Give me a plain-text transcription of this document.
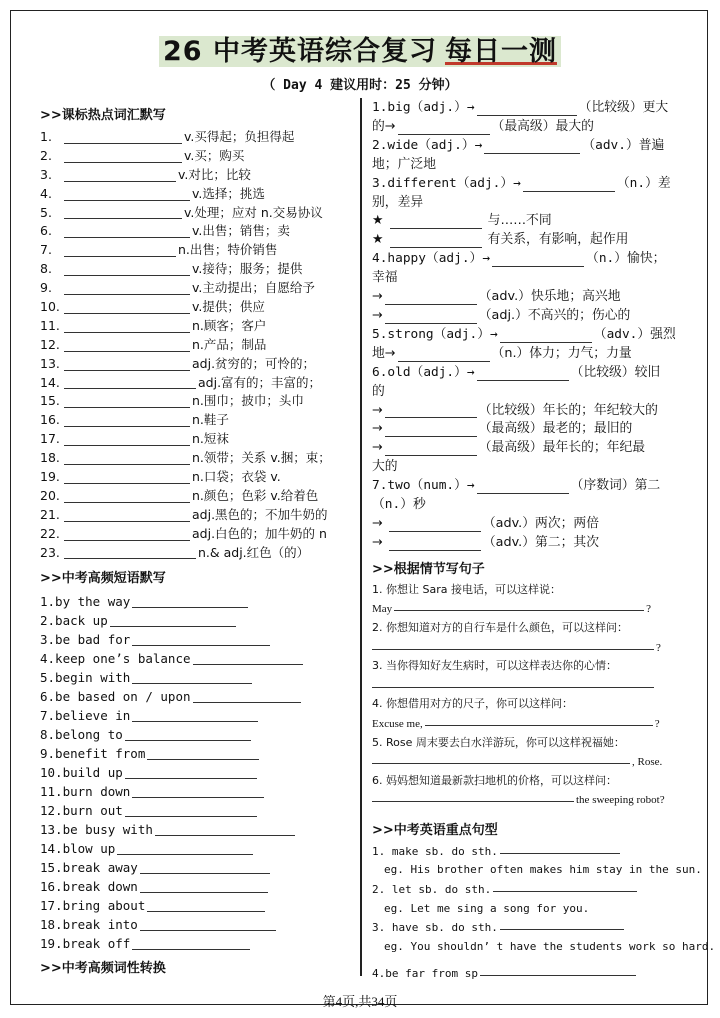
26 中考英语综合复习 每日一测
（ Day 4 建议用时：25 分钟）
>>课标热点词汇默写
1.	v.买得起；负担得起
2.	v.买；购买
3.	v.对比；比较
4.	v.选择；挑选
5.	v.处理；应对 n.交易协议
6.	v.出售；销售；卖
7.	n.出售；特价销售
8.	v.接待；服务；提供
9.	v.主动提出；自愿给予
10.	v.提供；供应
11.	n.顾客；客户
12.	n.产品；制品
13.	adj.贫穷的；可怜的；
14.	adj.富有的；丰富的；
15.	n.围巾；披巾；头巾
16.	n.鞋子
17.	n.短袜
18.	n.领带；关系 v.捆；束；
19.	n.口袋；衣袋 v.
20.	n.颜色；色彩 v.给着色
21.	adj.黑色的；不加牛奶的
22.	adj.白色的；加牛奶的 n
23.	n.& adj.红色（的）
>>中考高频短语默写
1.by the way
2.back up
3.be bad for
4.keep one’s balance
5.begin with
6.be based on / upon
7.believe in
8.belong to
9.benefit from
10.build up
11.burn down
12.burn out
13.be busy with
14.blow up
15.break away
16.break down
17.bring about
18.break into
19.break off
>>中考高频词性转换
1.big（adj.）→	（比较级）更大
的→	（最高级）最大的
2.wide（adj.）→	（adv.）普遍
地；广泛地
3.different（adj.）→	（n.）差
别，差异
★	与……不同
★	有关系，有影响，起作用
4.happy（adj.）→	（n.）愉快；
幸福
→	（adv.）快乐地；高兴地
→	（adj.）不高兴的；伤心的
5.strong（adj.）→	（adv.）强烈
地→	（n.）体力；力气；力量
6.old（adj.）→	（比较级）较旧
的
→	（比较级）年长的；年纪较大的
→	（最高级）最老的；最旧的
→	（最高级）最年长的；年纪最
大的
7.two（num.）→	（序数词）第二
（n.）秒
→	（adv.）两次；两倍
→	（adv.）第二；其次
>>根据情节写句子
1. 你想让 Sara 接电话，可以这样说：
May	?
2. 你想知道对方的自行车是什么颜色，可以这样问：
?
3. 当你得知好友生病时，可以这样表达你的心情：
4. 你想借用对方的尺子，你可以这样问：
Excuse me,	?
5. Rose 周末要去白水洋游玩，你可以这样祝福她：
, Rose.
6. 妈妈想知道最新款扫地机的价格，可以这样问：
the sweeping robot?
>>中考英语重点句型
1. make sb. do sth.
eg. His brother often makes him stay in the sun.
2. let sb. do sth.
eg. Let me sing a song for you.
3. have sb. do sth.
eg. You shouldn’ t have the students work so hard.
4.be far from sp
第4页,共34页
